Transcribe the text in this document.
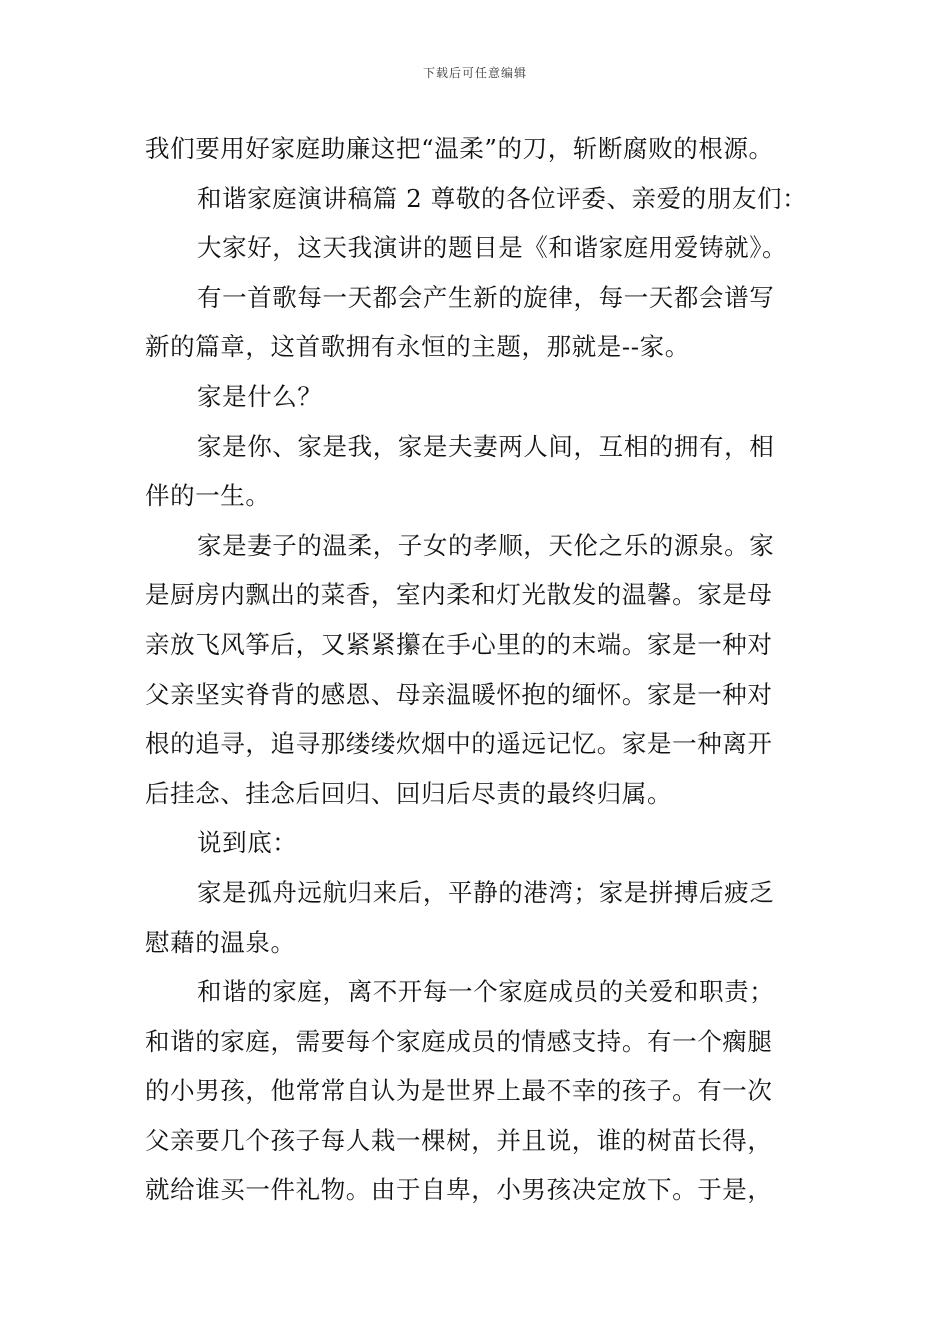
下载后可任意编辑
我们要用好家庭助廉这把“温柔”的刀，斩断腐败的根源。
和谐家庭演讲稿篇 2 尊敬的各位评委、亲爱的朋友们：
大家好，这天我演讲的题目是《和谐家庭用爱铸就》。
有一首歌每一天都会产生新的旋律，每一天都会谱写
新的篇章，这首歌拥有永恒的主题，那就是--家。
家是什么？
家是你、家是我，家是夫妻两人间，互相的拥有，相
伴的一生。
家是妻子的温柔，子女的孝顺，天伦之乐的源泉。家
是厨房内飘出的菜香，室内柔和灯光散发的温馨。家是母
亲放飞风筝后，又紧紧攥在手心里的的末端。家是一种对
父亲坚实脊背的感恩、母亲温暖怀抱的缅怀。家是一种对
根的追寻，追寻那缕缕炊烟中的遥远记忆。家是一种离开
后挂念、挂念后回归、回归后尽责的最终归属。
说到底：
家是孤舟远航归来后，平静的港湾；家是拼搏后疲乏
慰藉的温泉。
和谐的家庭，离不开每一个家庭成员的关爱和职责；
和谐的家庭，需要每个家庭成员的情感支持。有一个瘸腿
的小男孩，他常常自认为是世界上最不幸的孩子。有一次
父亲要几个孩子每人栽一棵树，并且说，谁的树苗长得，
就给谁买一件礼物。由于自卑，小男孩决定放下。于是，
